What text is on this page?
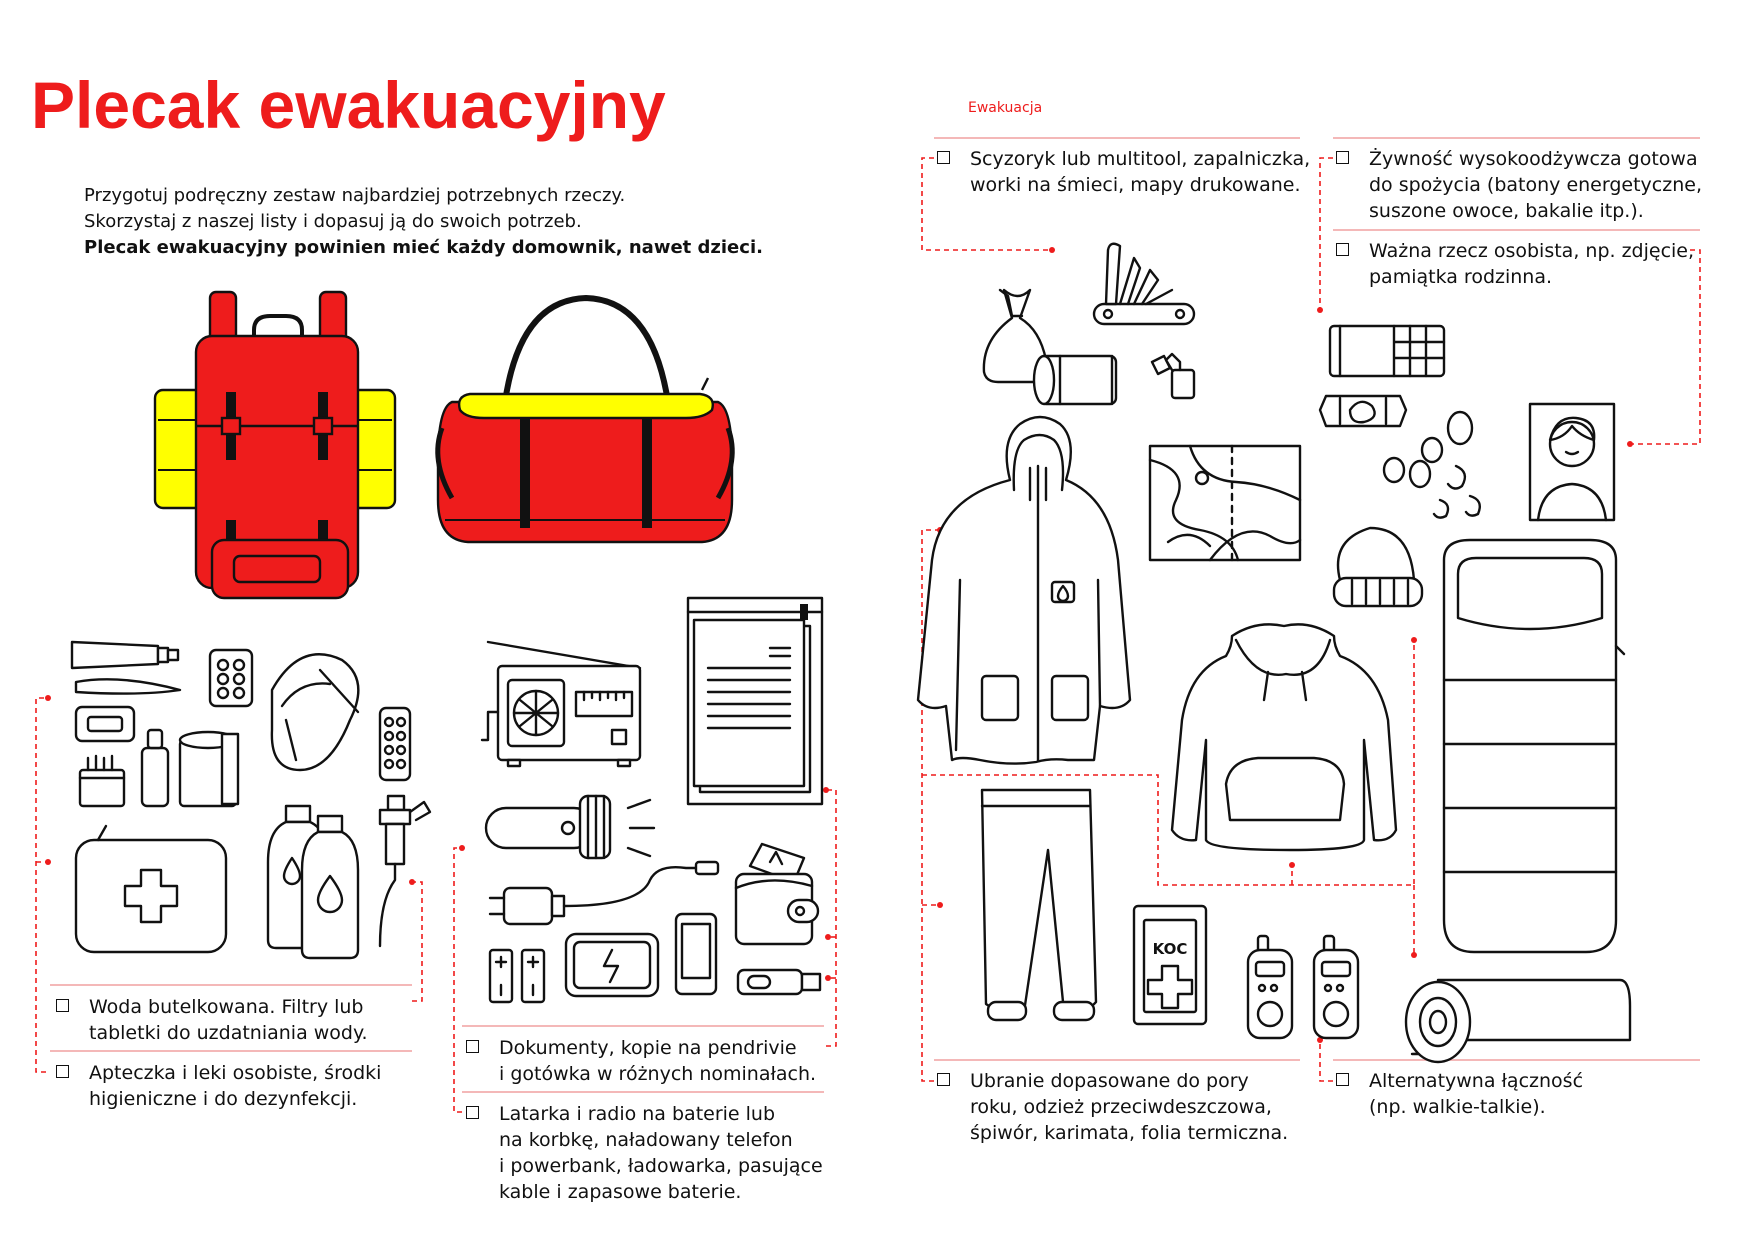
Plecak ewakuacyjny	Ewakuacja
Przygotuj podręczny zestaw najbardziej potrzebnych rzeczy.
Skorzystaj z naszej listy i dopasuj ją do swoich potrzeb.
Plecak ewakuacyjny powinien mieć każdy domownik, nawet dzieci.
Woda butelkowana. Filtry lub
tabletki do uzdatniania wody.
Apteczka i leki osobiste, środki
higieniczne i do dezynfekcji.
Dokumenty, kopie na pendrivie
i gotówka w różnych nominałach.
Latarka i radio na baterie lub
na korbkę, naładowany telefon
i powerbank, ładowarka, pasujące
kable i zapasowe baterie.
Scyzoryk lub multitool, zapalniczka,
worki na śmieci, mapy drukowane.
Ubranie dopasowane do pory
roku, odzież przeciwdeszczowa,
śpiwór, karimata, folia termiczna.
Żywność wysokoodżywcza gotowa
do spożycia (batony energetyczne,
suszone owoce, bakalie itp.).
Ważna rzecz osobista, np. zdjęcie,
pamiątka rodzinna.
Alternatywna łączność
(np. walkie-talkie).
KOC
